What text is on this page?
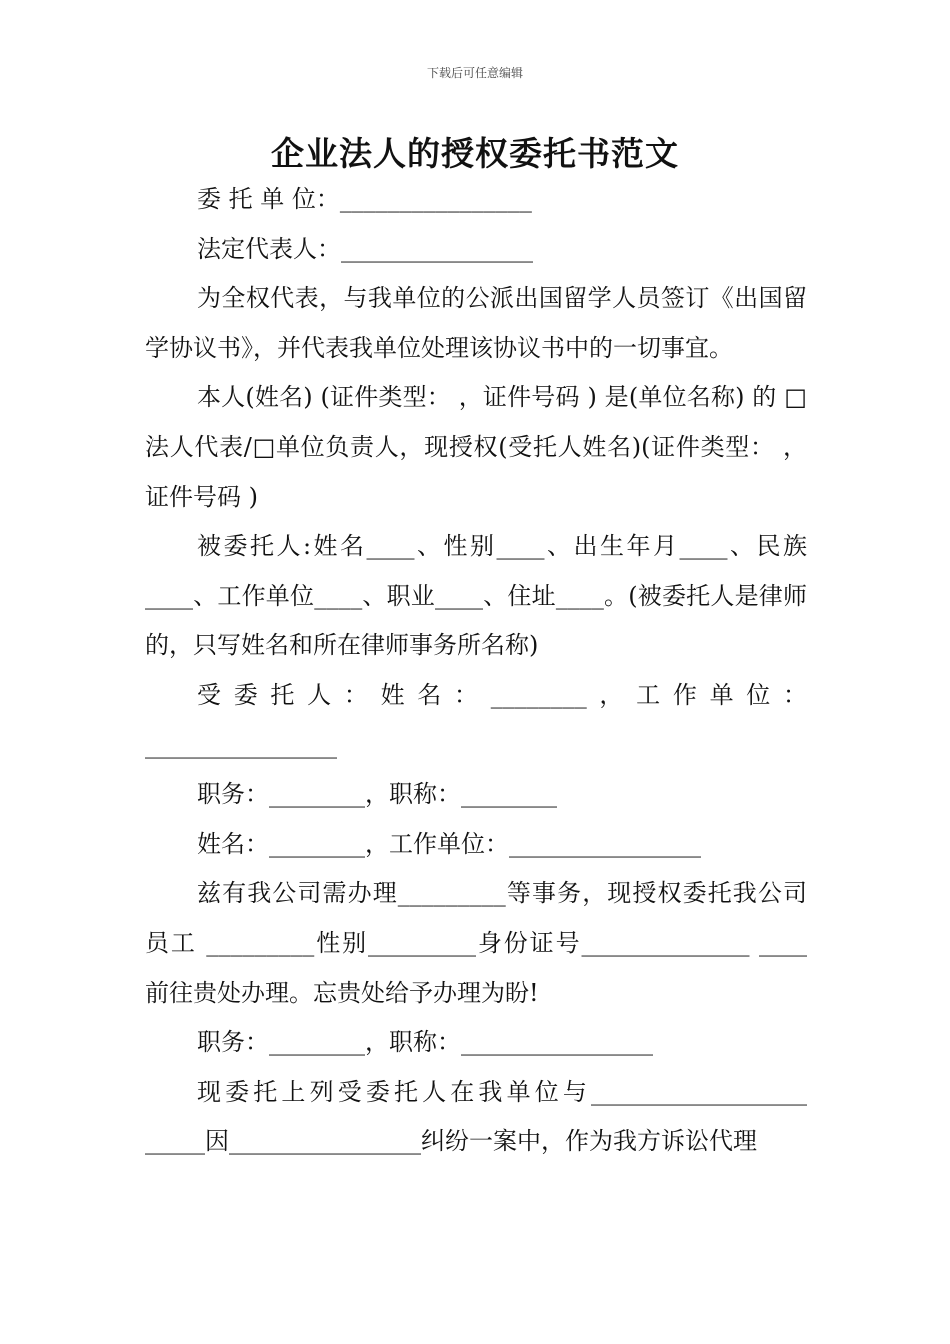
下载后可任意编辑
企业法人的授权委托书范文

委 托 单 位：________________

法定代表人：________________

为全权代表，与我单位的公派出国留学人员签订《出国留学协议书》，并代表我单位处理该协议书中的一切事宜。

本人(姓名) (证件类型： ，证件号码 ) 是(单位名称) 的 □法人代表/□单位负责人，现授权(受托人姓名)(证件类型： ，证件号码 )

被委托人:姓名____、性别____、出生年月____、民族____、工作单位____、职业____、住址____。(被委托人是律师的，只写姓名和所在律师事务所名称)

受委托人：姓名：________，工作单位：________________

职务：________，职称：________

姓名：________，工作单位：________________

兹有我公司需办理_________等事务，现授权委托我公司员工 _________性别_________身份证号______________ ____前往贵处办理。忘贵处给予办理为盼!

职务：________，职称：________________

现委托上列受委托人在我单位与__________________ _____因________________纠纷一案中，作为我方诉讼代理
